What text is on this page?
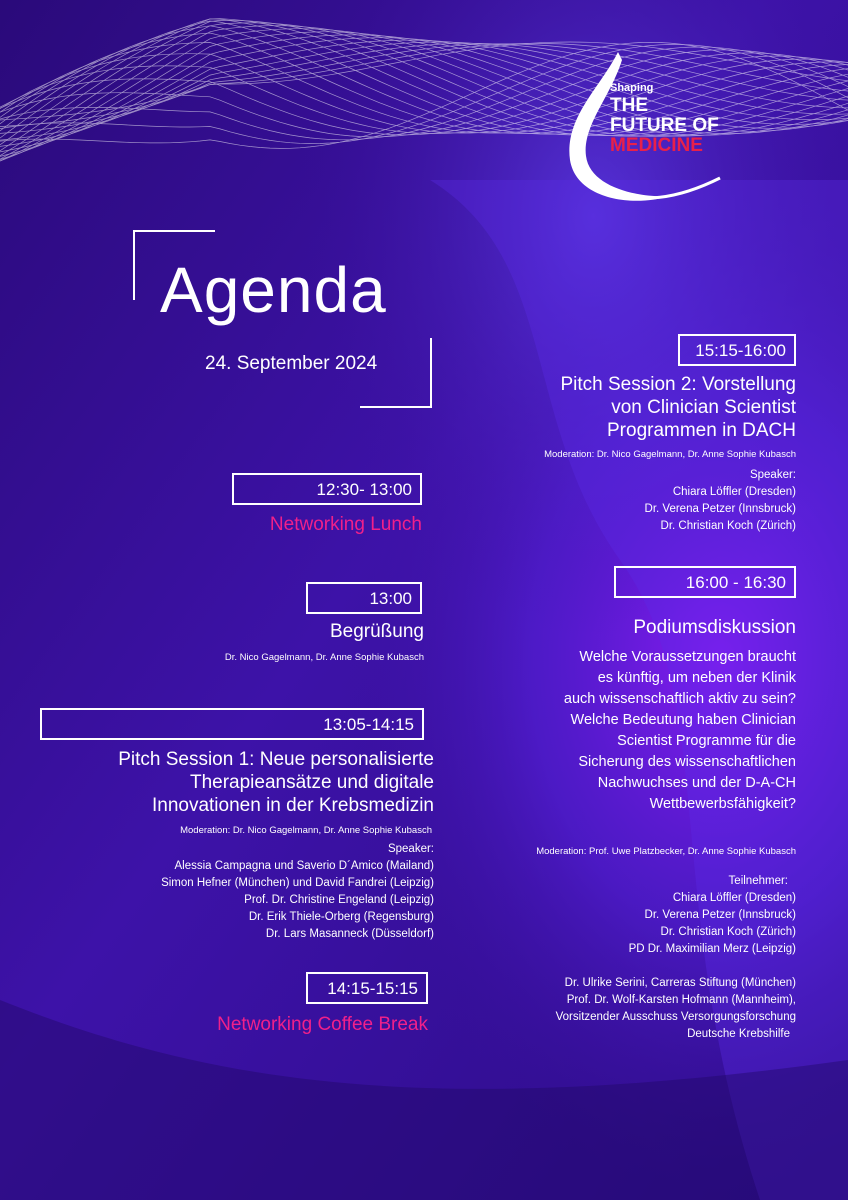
Shaping
THE
FUTURE OF
MEDICINE
Agenda
24. September 2024
12:30- 13:00
Networking Lunch
13:00
Begrüßung
Dr. Nico Gagelmann, Dr. Anne Sophie Kubasch
13:05-14:15
Pitch Session 1: Neue personalisierte
Therapieansätze und digitale
Innovationen in der Krebsmedizin
Moderation: Dr. Nico Gagelmann, Dr. Anne Sophie Kubasch
Speaker:
Alessia Campagna und Saverio D´Amico (Mailand)
Simon Hefner (München) und David Fandrei (Leipzig)
Prof. Dr. Christine Engeland (Leipzig)
Dr. Erik Thiele-Orberg (Regensburg)
Dr. Lars Masanneck (Düsseldorf)
14:15-15:15
Networking Coffee Break
15:15-16:00
Pitch Session 2: Vorstellung
von Clinician Scientist
Programmen in DACH
Moderation: Dr. Nico Gagelmann, Dr. Anne Sophie Kubasch
Speaker:
Chiara Löffler (Dresden)
Dr. Verena Petzer (Innsbruck)
Dr. Christian Koch (Zürich)
16:00 - 16:30
Podiumsdiskussion
Welche Voraussetzungen braucht
es künftig, um neben der Klinik
auch wissenschaftlich aktiv zu sein?
Welche Bedeutung haben Clinician
Scientist Programme für die
Sicherung des wissenschaftlichen
Nachwuchses und der D-A-CH
Wettbewerbsfähigkeit?
Moderation: Prof. Uwe Platzbecker, Dr. Anne Sophie Kubasch
Teilnehmer:
Chiara Löffler (Dresden)
Dr. Verena Petzer (Innsbruck)
Dr. Christian Koch (Zürich)
PD Dr. Maximilian Merz (Leipzig)
Dr. Ulrike Serini, Carreras Stiftung (München)
Prof. Dr. Wolf-Karsten Hofmann (Mannheim),
Vorsitzender Ausschuss Versorgungsforschung
Deutsche Krebshilfe
